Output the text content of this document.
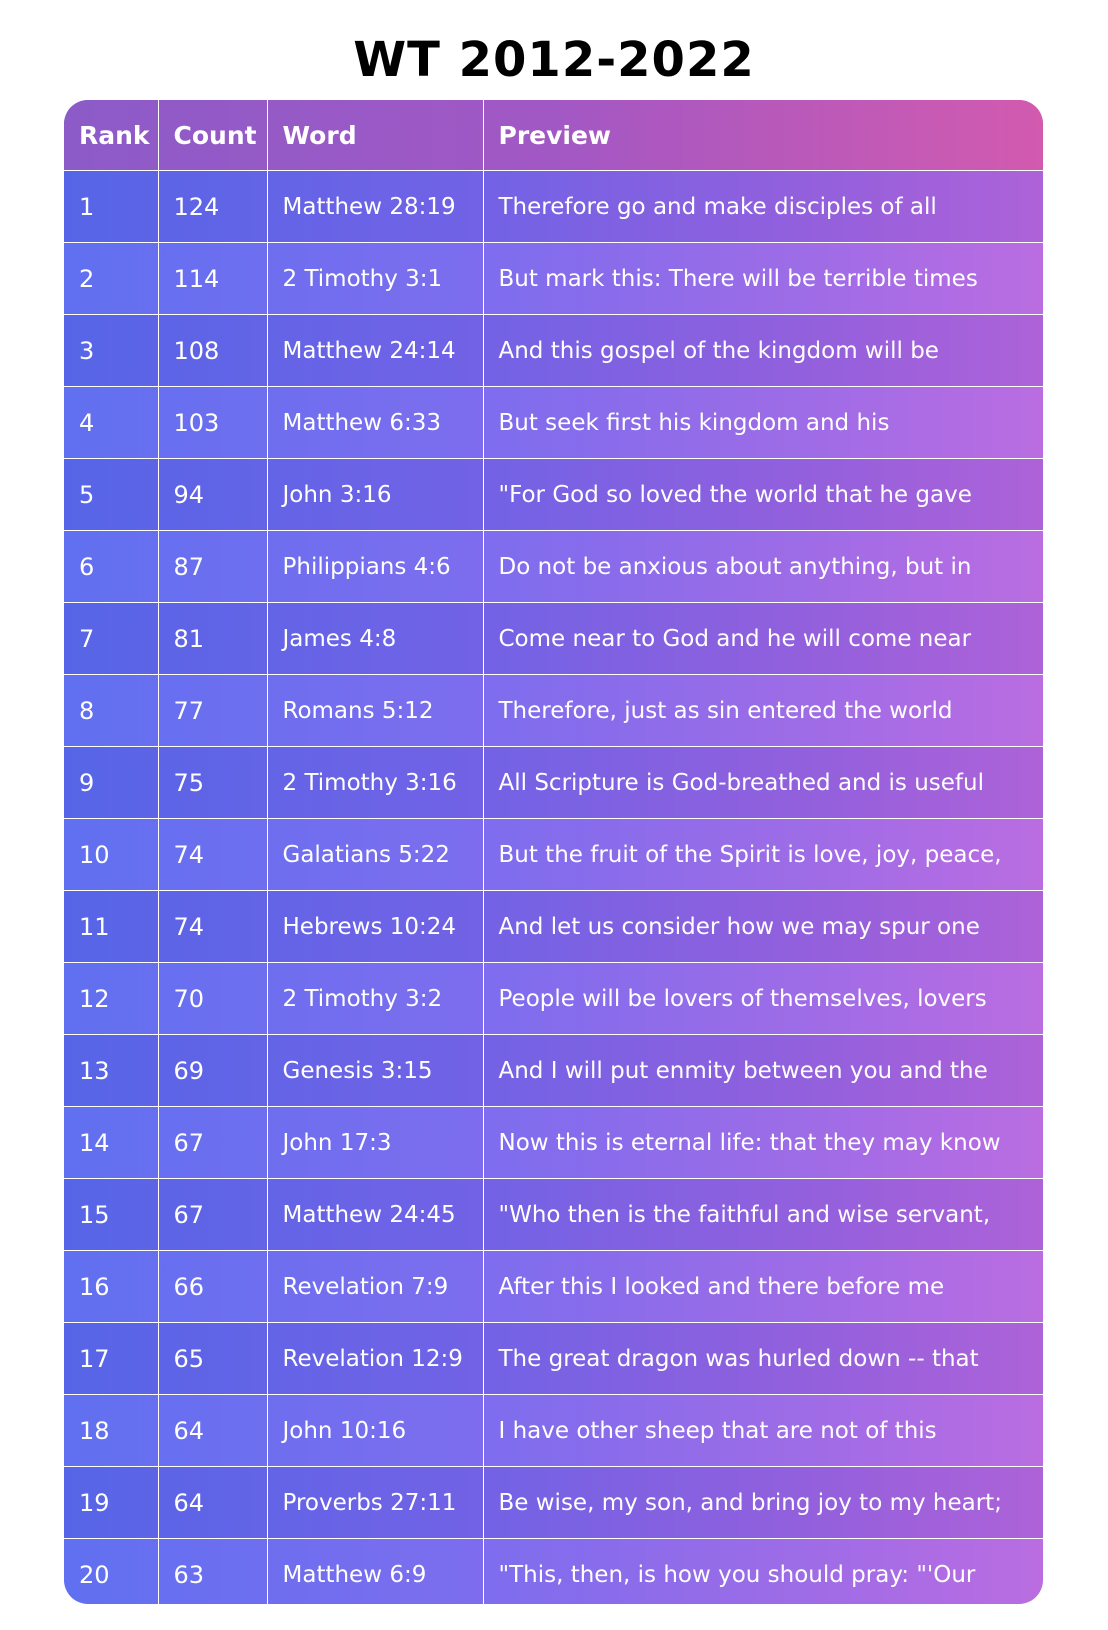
WT 2012-2022
Rank	Count	Word	Preview
1	124	Matthew 28:19	Therefore go and make disciples of all
2	114	2 Timothy 3:1	But mark this: There will be terrible times
3	108	Matthew 24:14	And this gospel of the kingdom will be
4	103	Matthew 6:33	But seek first his kingdom and his
5	94	John 3:16	"For God so loved the world that he gave
6	87	Philippians 4:6	Do not be anxious about anything, but in
7	81	James 4:8	Come near to God and he will come near
8	77	Romans 5:12	Therefore, just as sin entered the world
9	75	2 Timothy 3:16	All Scripture is God-breathed and is useful
10	74	Galatians 5:22	But the fruit of the Spirit is love, joy, peace,
11	74	Hebrews 10:24	And let us consider how we may spur one
12	70	2 Timothy 3:2	People will be lovers of themselves, lovers
13	69	Genesis 3:15	And I will put enmity between you and the
14	67	John 17:3	Now this is eternal life: that they may know
15	67	Matthew 24:45	"Who then is the faithful and wise servant,
16	66	Revelation 7:9	After this I looked and there before me
17	65	Revelation 12:9	The great dragon was hurled down -- that
18	64	John 10:16	I have other sheep that are not of this
19	64	Proverbs 27:11	Be wise, my son, and bring joy to my heart;
20	63	Matthew 6:9	"This, then, is how you should pray: "'Our
